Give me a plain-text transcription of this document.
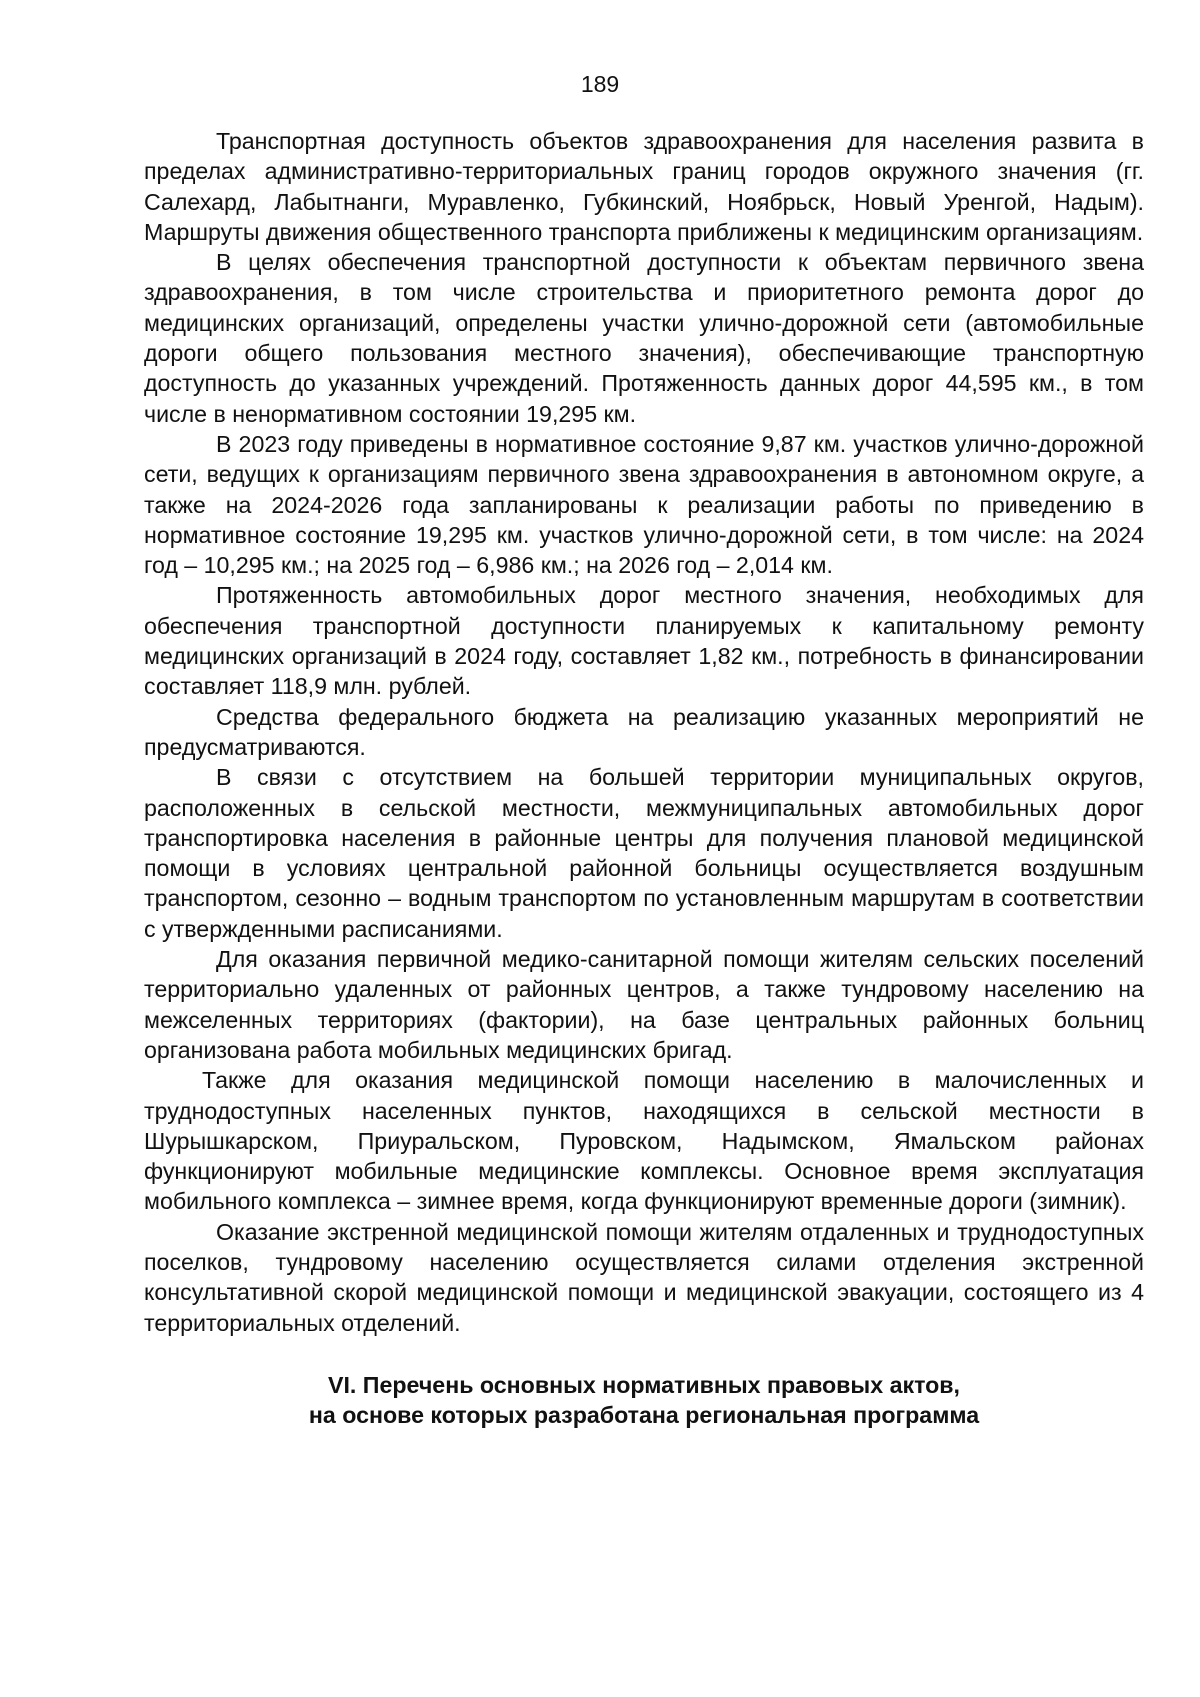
189

Транспортная доступность объектов здравоохранения для населения развита в пределах административно-территориальных границ городов окружного значения (гг. Салехард, Лабытнанги, Муравленко, Губкинский, Ноябрьск, Новый Уренгой, Надым). Маршруты движения общественного транспорта приближены к медицинским организациям.

В целях обеспечения транспортной доступности к объектам первичного звена здравоохранения, в том числе строительства и приоритетного ремонта дорог до медицинских организаций, определены участки улично-дорожной сети (автомобильные дороги общего пользования местного значения), обеспечивающие транспортную доступность до указанных учреждений. Протяженность данных дорог 44,595 км., в том числе в ненормативном состоянии 19,295 км.

В 2023 году приведены в нормативное состояние 9,87 км. участков улично-дорожной сети, ведущих к организациям первичного звена здравоохранения в автономном округе, а также на 2024-2026 года запланированы к реализации работы по приведению в нормативное состояние 19,295 км. участков улично-дорожной сети, в том числе: на 2024 год – 10,295 км.; на 2025 год – 6,986 км.; на 2026 год – 2,014 км.

Протяженность автомобильных дорог местного значения, необходимых для обеспечения транспортной доступности планируемых к капитальному ремонту медицинских организаций в 2024 году, составляет 1,82 км., потребность в финансировании составляет 118,9 млн. рублей.

Средства федерального бюджета на реализацию указанных мероприятий не предусматриваются.

В связи с отсутствием на большей территории муниципальных округов, расположенных в сельской местности, межмуниципальных автомобильных дорог транспортировка населения в районные центры для получения плановой медицинской помощи в условиях центральной районной больницы осуществляется воздушным транспортом, сезонно – водным транспортом по установленным маршрутам в соответствии с утвержденными расписаниями.

Для оказания первичной медико-санитарной помощи жителям сельских поселений территориально удаленных от районных центров, а также тундровому населению на межселенных территориях (фактории), на базе центральных районных больниц организована работа мобильных медицинских бригад.

Также для оказания медицинской помощи населению в малочисленных и труднодоступных населенных пунктов, находящихся в сельской местности в Шурышкарском, Приуральском, Пуровском, Надымском, Ямальском районах функционируют мобильные медицинские комплексы. Основное время эксплуатация мобильного комплекса – зимнее время, когда функционируют временные дороги (зимник).

Оказание экстренной медицинской помощи жителям отдаленных и труднодоступных поселков, тундровому населению осуществляется силами отделения экстренной консультативной скорой медицинской помощи и медицинской эвакуации, состоящего из 4 территориальных отделений.

VI. Перечень основных нормативных правовых актов,
на основе которых разработана региональная программа
